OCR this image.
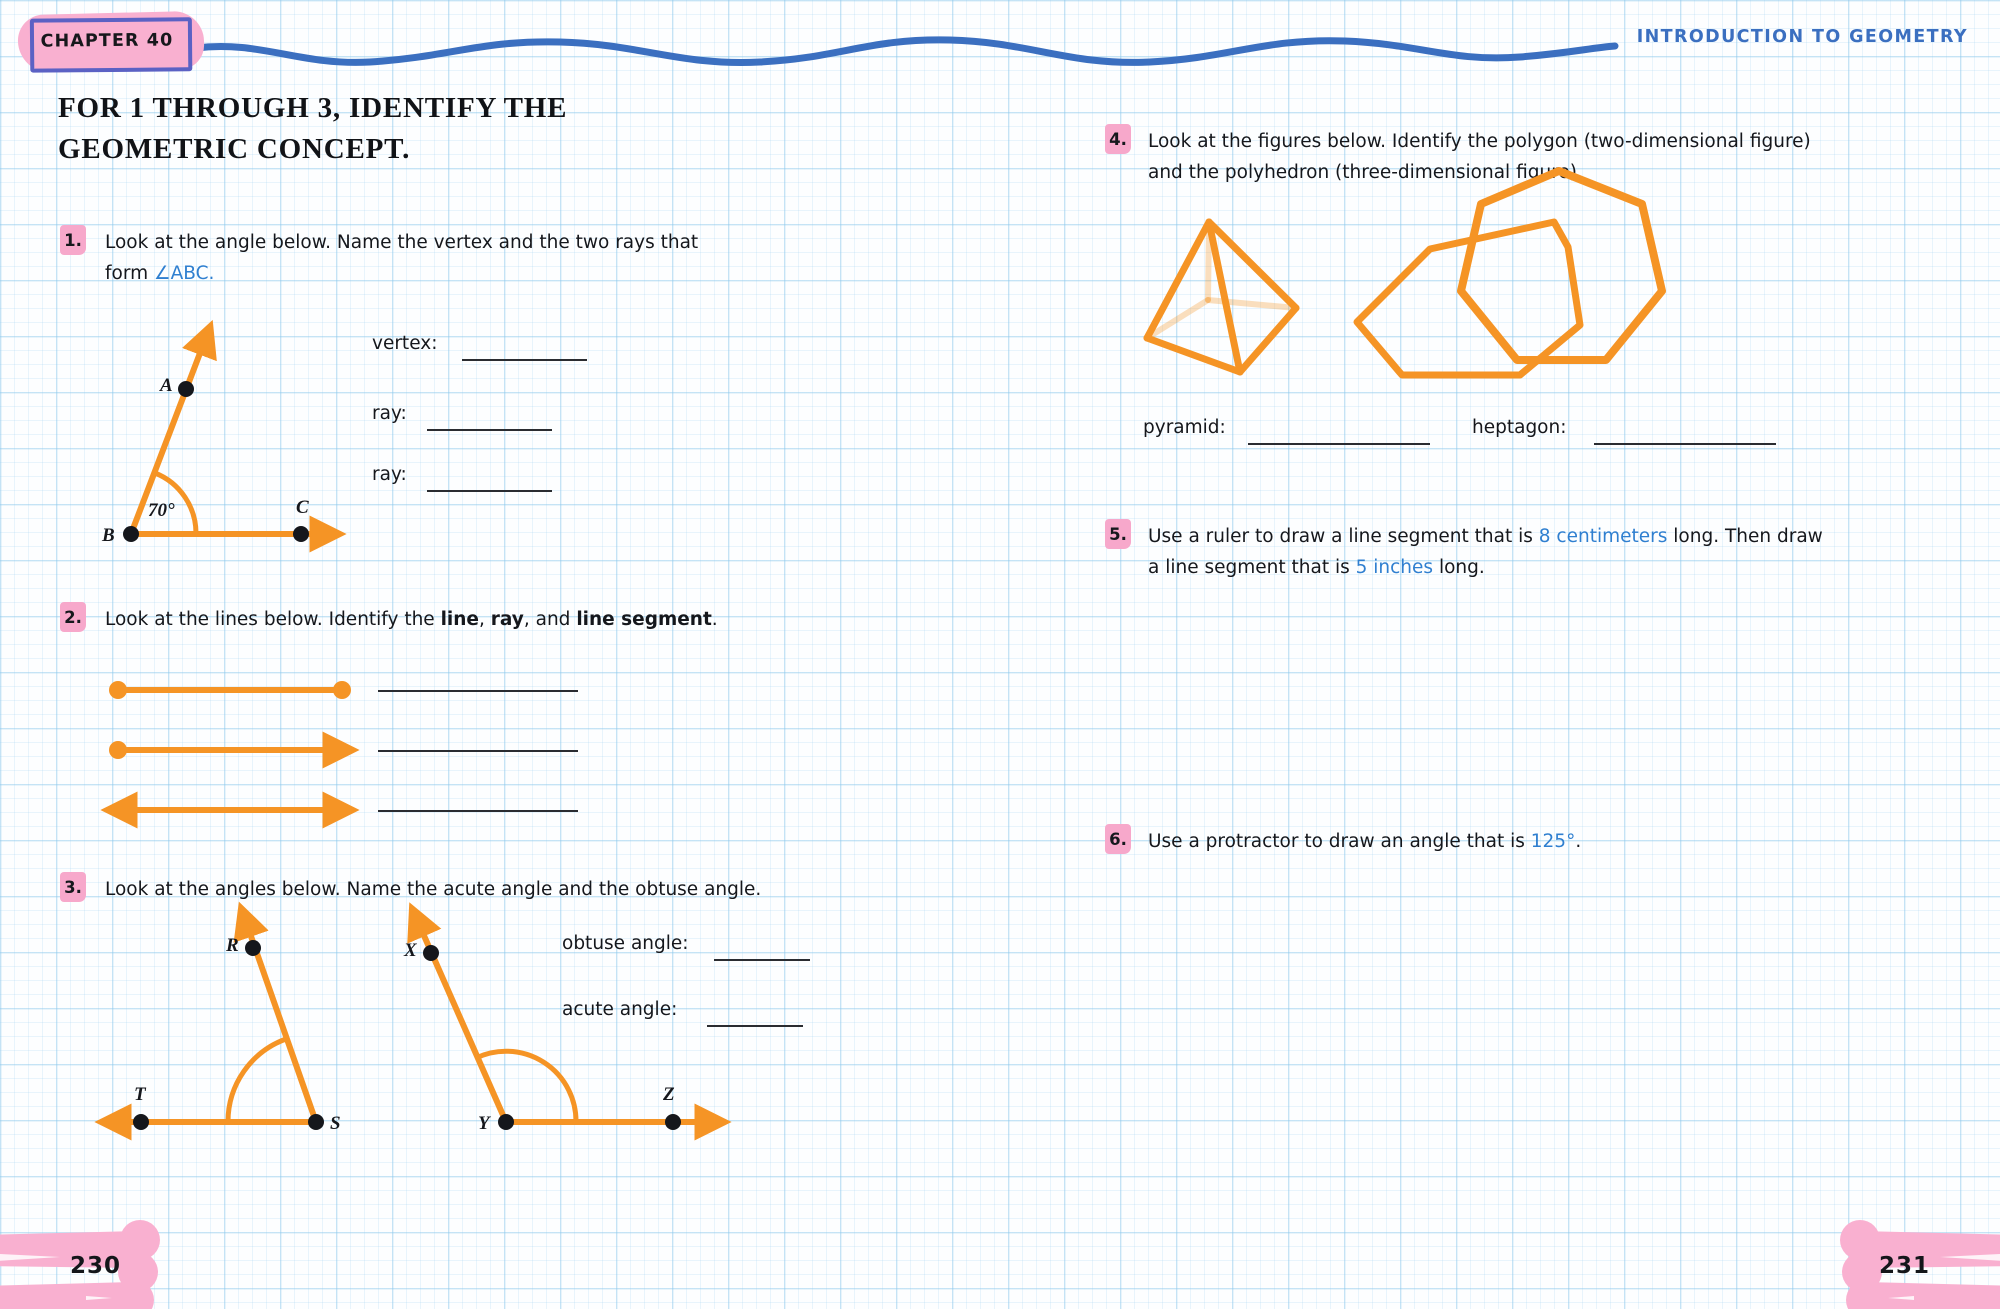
CHAPTER 40	INTRODUCTION TO GEOMETRY
FOR 1 THROUGH 3, IDENTIFY THE GEOMETRIC CONCEPT.
1. Look at the angle below. Name the vertex and the two rays that
form ∠ABC.
A
B
C
70°
vertex:
ray:
ray:
2. Look at the lines below. Identify the line, ray, and line segment.
3. Look at the angles below. Name the acute angle and the obtuse angle.
R
T
S
X
Y
Z
obtuse angle:
acute angle:
4. Look at the figures below. Identify the polygon (two-dimensional figure)
and the polyhedron (three-dimensional figure).
pyramid:	heptagon:
5. Use a ruler to draw a line segment that is 8 centimeters long. Then draw
a line segment that is 5 inches long.
6. Use a protractor to draw an angle that is 125°.
230	231
